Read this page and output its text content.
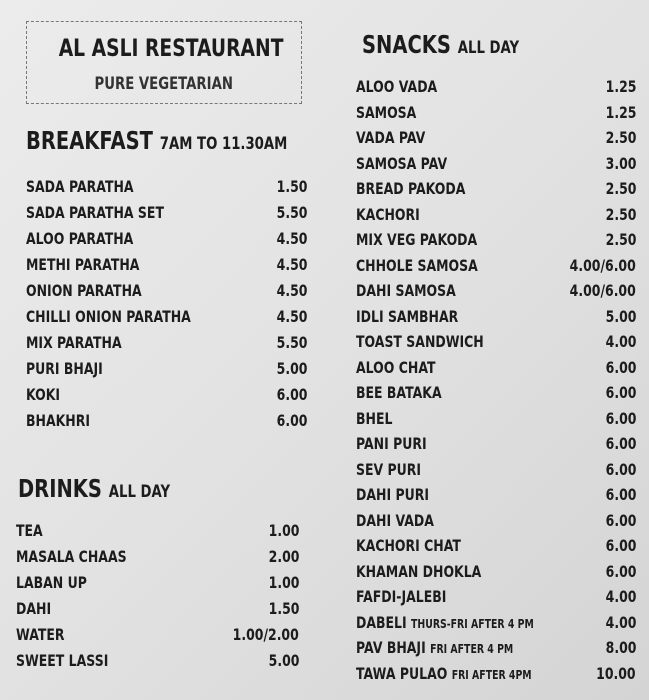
AL ASLI RESTAURANT
PURE VEGETARIAN
BREAKFAST 7AM TO 11.30AM
SADA PARATHA	1.50
SADA PARATHA SET	5.50
ALOO PARATHA	4.50
METHI PARATHA	4.50
ONION PARATHA	4.50
CHILLI ONION PARATHA	4.50
MIX PARATHA	5.50
PURI BHAJI	5.00
KOKI	6.00
BHAKHRI	6.00
DRINKS ALL DAY
TEA	1.00
MASALA CHAAS	2.00
LABAN UP	1.00
DAHI	1.50
WATER	1.00/2.00
SWEET LASSI	5.00
SNACKS ALL DAY
ALOO VADA	1.25
SAMOSA	1.25
VADA PAV	2.50
SAMOSA PAV	3.00
BREAD PAKODA	2.50
KACHORI	2.50
MIX VEG PAKODA	2.50
CHHOLE SAMOSA	4.00/6.00
DAHI SAMOSA	4.00/6.00
IDLI SAMBHAR	5.00
TOAST SANDWICH	4.00
ALOO CHAT	6.00
BEE BATAKA	6.00
BHEL	6.00
PANI PURI	6.00
SEV PURI	6.00
DAHI PURI	6.00
DAHI VADA	6.00
KACHORI CHAT	6.00
KHAMAN DHOKLA	6.00
FAFDI-JALEBI	4.00
DABELI THURS-FRI AFTER 4 PM	4.00
PAV BHAJI FRI AFTER 4 PM	8.00
TAWA PULAO FRI AFTER 4PM	10.00
